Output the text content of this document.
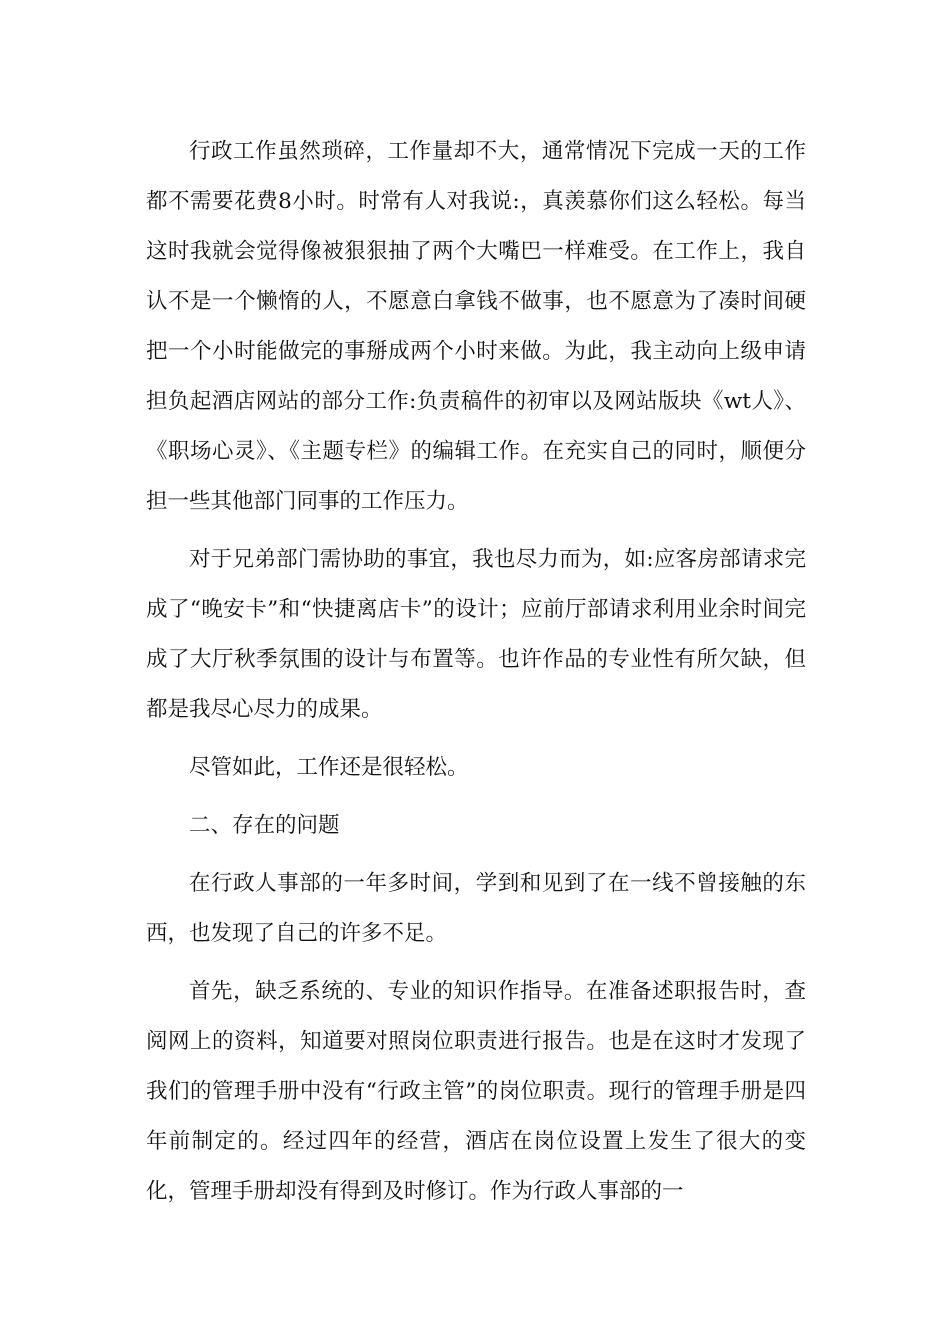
行政工作虽然琐碎，工作量却不大，通常情况下完成一天的工作都不需要花费8小时。时常有人对我说:，真羡慕你们这么轻松。每当这时我就会觉得像被狠狠抽了两个大嘴巴一样难受。在工作上，我自认不是一个懒惰的人，不愿意白拿钱不做事，也不愿意为了凑时间硬把一个小时能做完的事掰成两个小时来做。为此，我主动向上级申请担负起酒店网站的部分工作:负责稿件的初审以及网站版块《wt人》、《职场心灵》、《主题专栏》的编辑工作。在充实自己的同时，顺便分担一些其他部门同事的工作压力。

对于兄弟部门需协助的事宜，我也尽力而为，如:应客房部请求完成了“晚安卡”和“快捷离店卡”的设计；应前厅部请求利用业余时间完成了大厅秋季氛围的设计与布置等。也许作品的专业性有所欠缺，但都是我尽心尽力的成果。

尽管如此，工作还是很轻松。

二、存在的问题

在行政人事部的一年多时间，学到和见到了在一线不曾接触的东西，也发现了自己的许多不足。

首先，缺乏系统的、专业的知识作指导。在准备述职报告时，查阅网上的资料，知道要对照岗位职责进行报告。也是在这时才发现了我们的管理手册中没有“行政主管”的岗位职责。现行的管理手册是四年前制定的。经过四年的经营，酒店在岗位设置上发生了很大的变化，管理手册却没有得到及时修订。作为行政人事部的一
